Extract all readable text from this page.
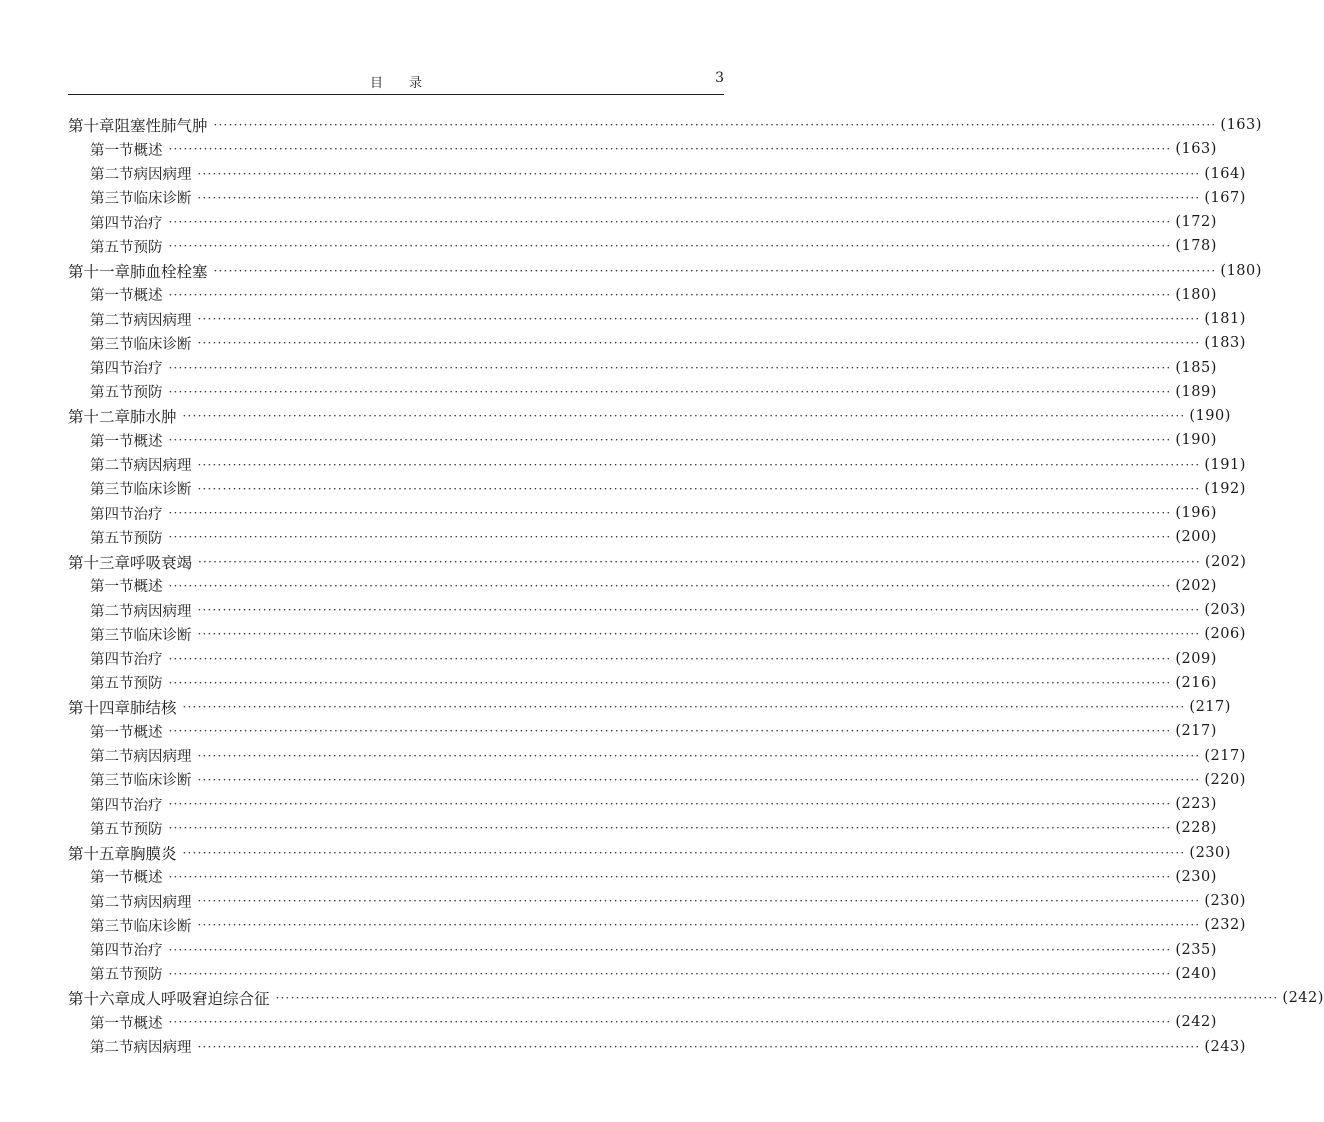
目录	3
第十章 阻塞性肺气肿 ········································································································································································································ (163)
第一节 概述 ········································································································································································································ (163)
第二节 病因病理 ········································································································································································································ (164)
第三节 临床诊断 ········································································································································································································ (167)
第四节 治疗 ········································································································································································································ (172)
第五节 预防 ········································································································································································································ (178)
第十一章 肺血栓栓塞 ········································································································································································································ (180)
第一节 概述 ········································································································································································································ (180)
第二节 病因病理 ········································································································································································································ (181)
第三节 临床诊断 ········································································································································································································ (183)
第四节 治疗 ········································································································································································································ (185)
第五节 预防 ········································································································································································································ (189)
第十二章 肺水肿 ········································································································································································································ (190)
第一节 概述 ········································································································································································································ (190)
第二节 病因病理 ········································································································································································································ (191)
第三节 临床诊断 ········································································································································································································ (192)
第四节 治疗 ········································································································································································································ (196)
第五节 预防 ········································································································································································································ (200)
第十三章 呼吸衰竭 ········································································································································································································ (202)
第一节 概述 ········································································································································································································ (202)
第二节 病因病理 ········································································································································································································ (203)
第三节 临床诊断 ········································································································································································································ (206)
第四节 治疗 ········································································································································································································ (209)
第五节 预防 ········································································································································································································ (216)
第十四章 肺结核 ········································································································································································································ (217)
第一节 概述 ········································································································································································································ (217)
第二节 病因病理 ········································································································································································································ (217)
第三节 临床诊断 ········································································································································································································ (220)
第四节 治疗 ········································································································································································································ (223)
第五节 预防 ········································································································································································································ (228)
第十五章 胸膜炎 ········································································································································································································ (230)
第一节 概述 ········································································································································································································ (230)
第二节 病因病理 ········································································································································································································ (230)
第三节 临床诊断 ········································································································································································································ (232)
第四节 治疗 ········································································································································································································ (235)
第五节 预防 ········································································································································································································ (240)
第十六章 成人呼吸窘迫综合征 ········································································································································································································ (242)
第一节 概述 ········································································································································································································ (242)
第二节 病因病理 ········································································································································································································ (243)
